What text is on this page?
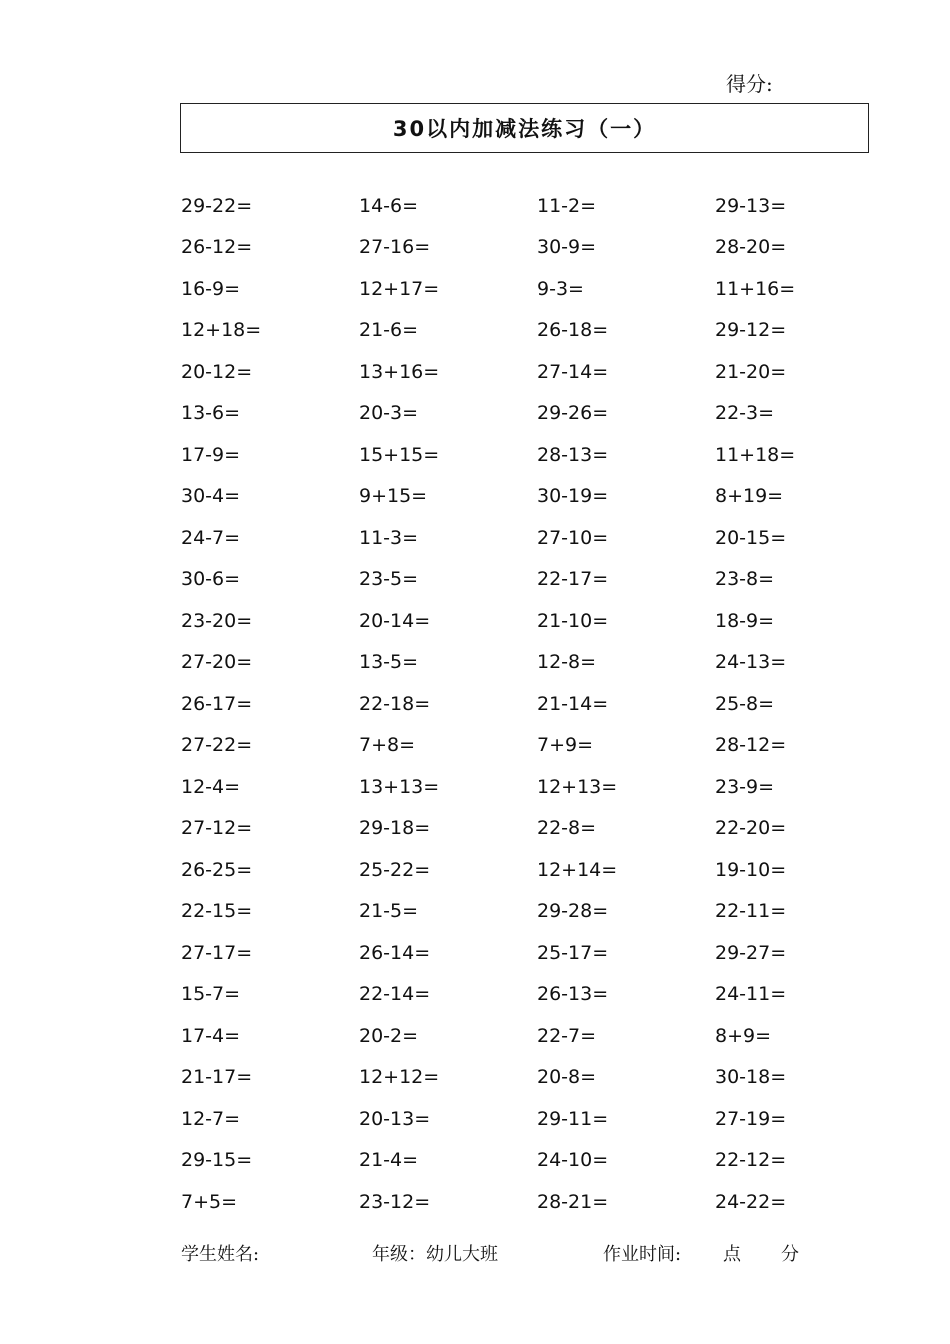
得分:
30以内加减法练习（一）
29-22=	14-6=	11-2=	29-13=
26-12=	27-16=	30-9=	28-20=
16-9=	12+17=	9-3=	11+16=
12+18=	21-6=	26-18=	29-12=
20-12=	13+16=	27-14=	21-20=
13-6=	20-3=	29-26=	22-3=
17-9=	15+15=	28-13=	11+18=
30-4=	9+15=	30-19=	8+19=
24-7=	11-3=	27-10=	20-15=
30-6=	23-5=	22-17=	23-8=
23-20=	20-14=	21-10=	18-9=
27-20=	13-5=	12-8=	24-13=
26-17=	22-18=	21-14=	25-8=
27-22=	7+8=	7+9=	28-12=
12-4=	13+13=	12+13=	23-9=
27-12=	29-18=	22-8=	22-20=
26-25=	25-22=	12+14=	19-10=
22-15=	21-5=	29-28=	22-11=
27-17=	26-14=	25-17=	29-27=
15-7=	22-14=	26-13=	24-11=
17-4=	20-2=	22-7=	8+9=
21-17=	12+12=	20-8=	30-18=
12-7=	20-13=	29-11=	27-19=
29-15=	21-4=	24-10=	22-12=
7+5=	23-12=	28-21=	24-22=
学生姓名:	年级：幼儿大班	作业时间: 点 分
